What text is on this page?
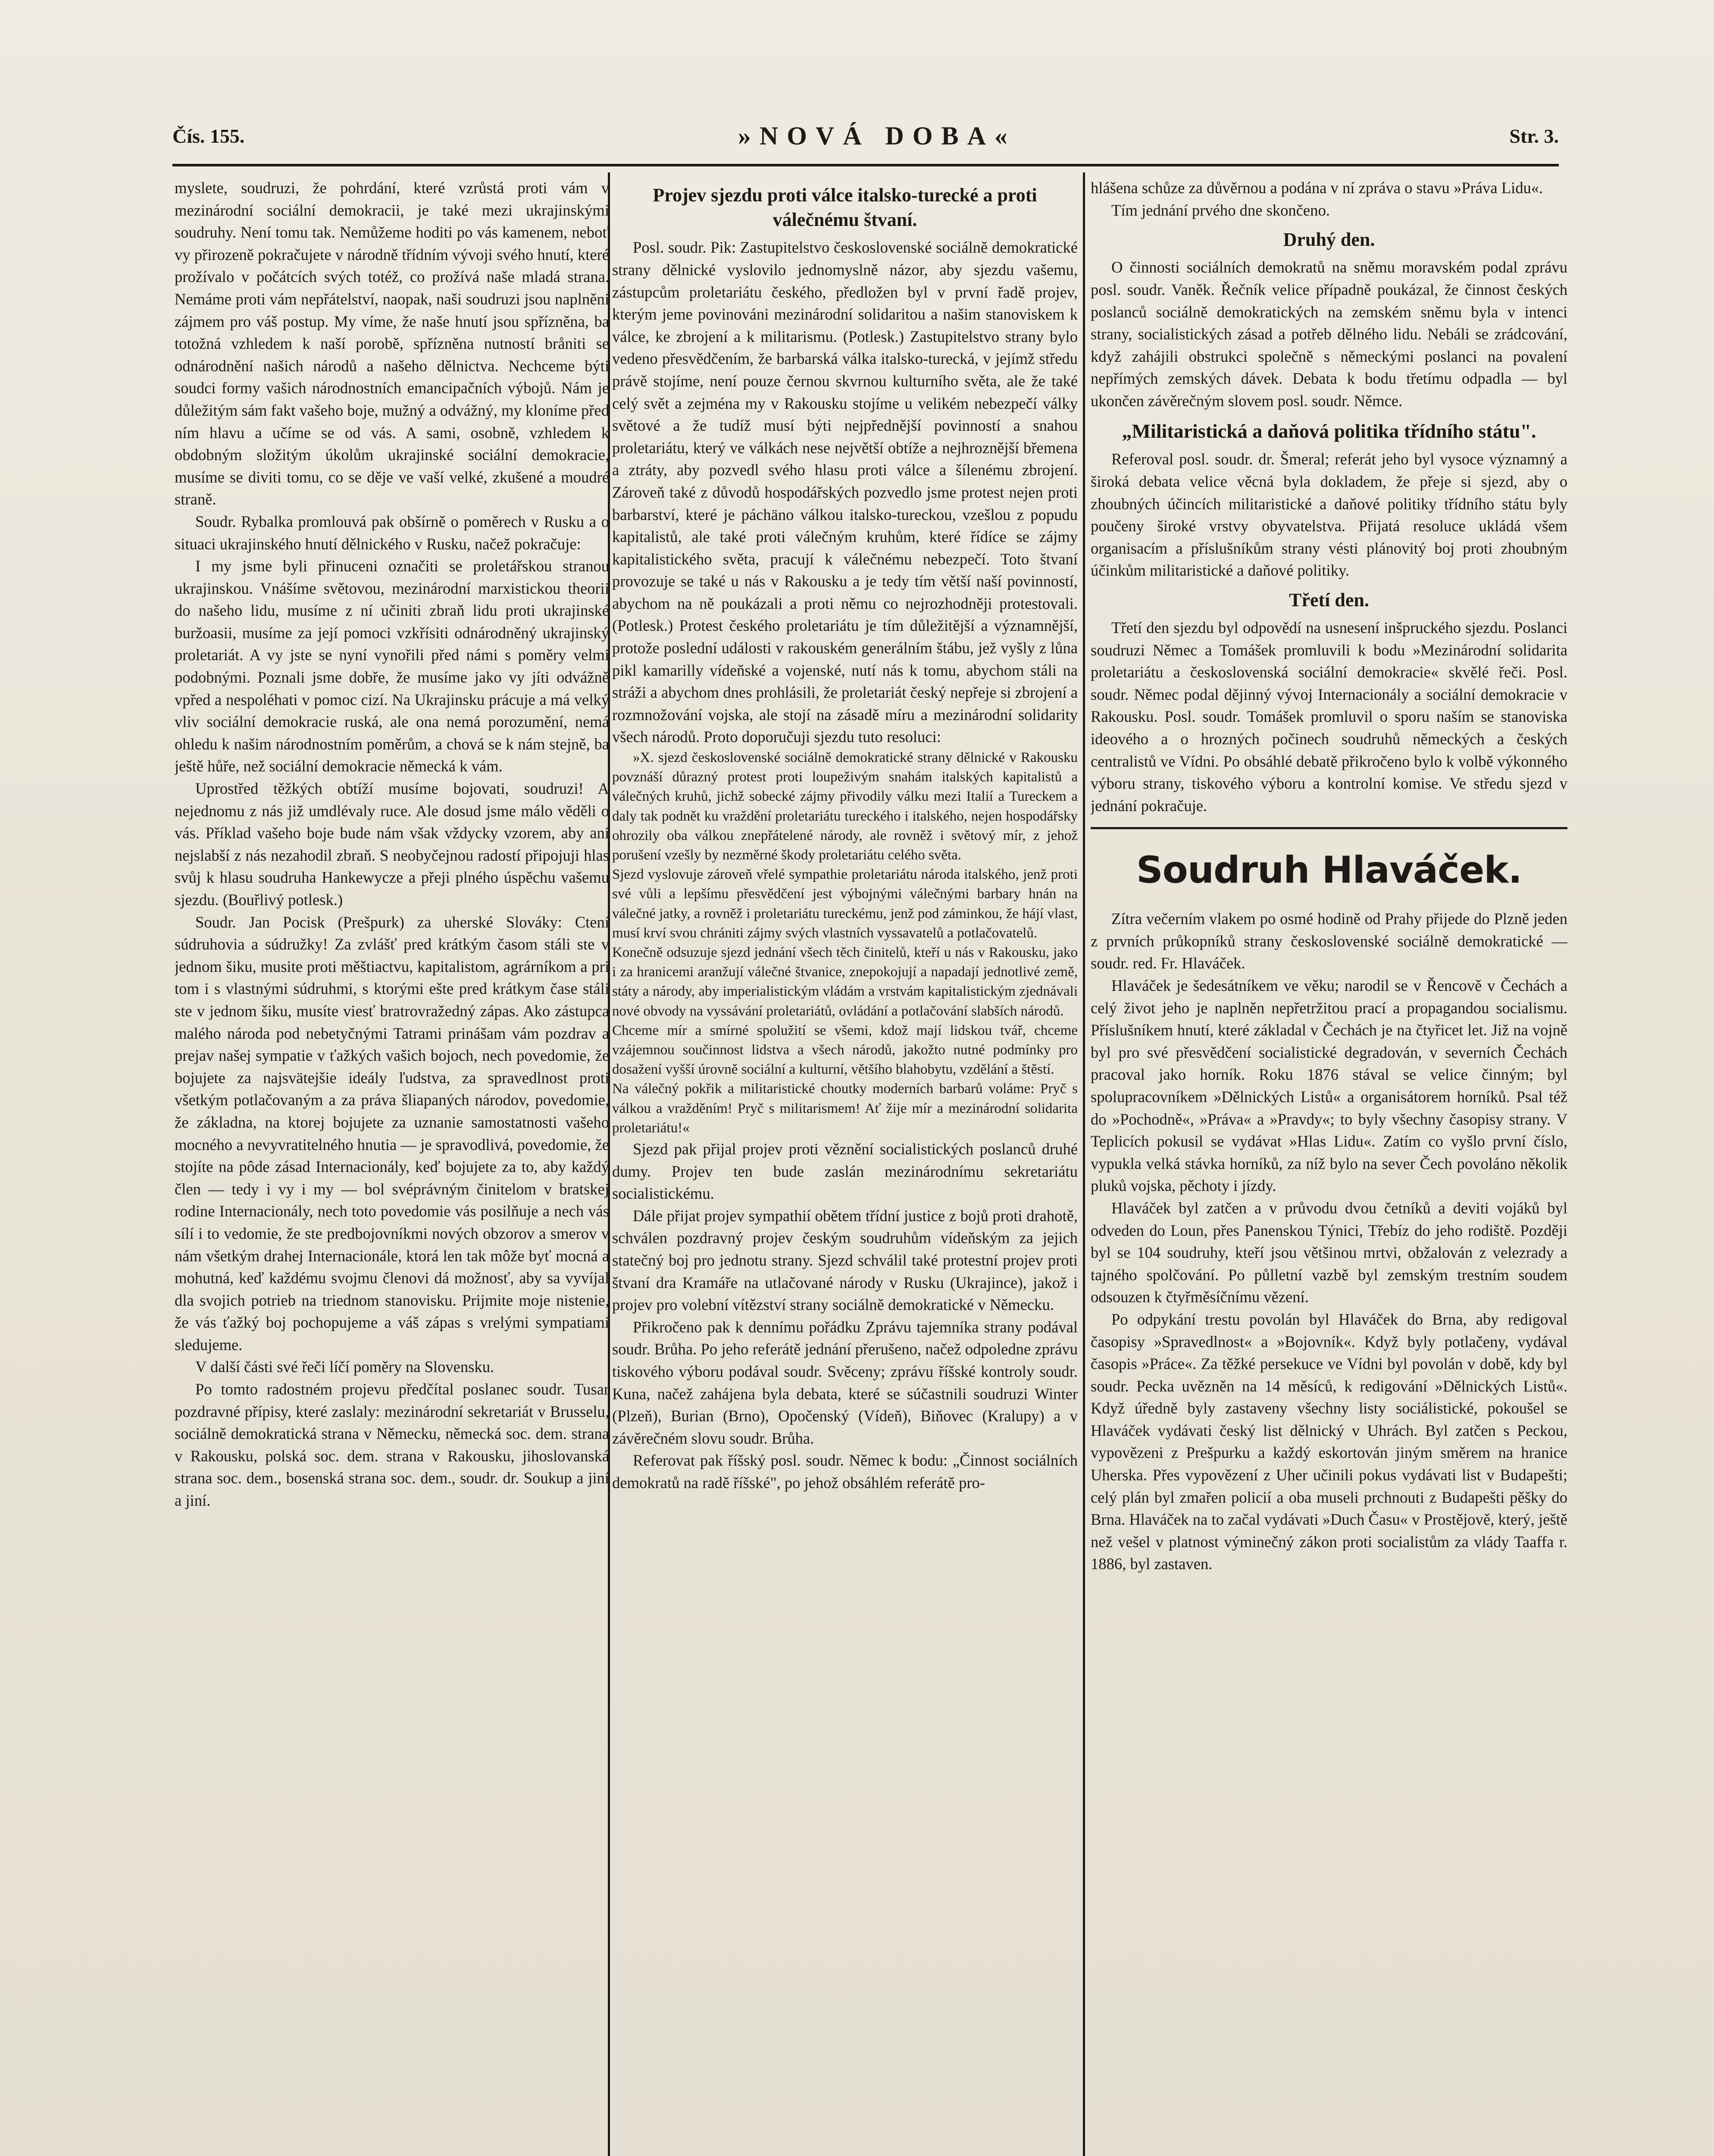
Čís. 155.	»NOVÁ DOBA«	Str. 3.

myslete, soudruzi, že pohrdání, které vzrůstá proti vám v mezinárodní sociální demokracii, je také mezi ukrajinskými soudruhy. Není tomu tak. Nemůžeme hoditi po vás kamenem, neboť vy přirozeně pokračujete v národně třídním vývoji svého hnutí, které prožívalo v počátcích svých totéž, co prožívá naše mladá strana. Nemáme proti vám nepřátelství, naopak, naši soudruzi jsou naplněni zájmem pro váš postup. My víme, že naše hnutí jsou spřízněna, ba totožná vzhledem k naší porobě, spřízněna nutností bråniti se odnárodnění našich národů a našeho dělnictva. Nechceme býti soudci formy vašich národnostních emancipačních výbojů. Nám je důležitým sám fakt vašeho boje, mužný a odvážný, my kloníme před ním hlavu a učíme se od vás. A sami, osobně, vzhledem k obdobným složitým úkolům ukrajinské sociální demokracie, musíme se diviti tomu, co se děje ve vaší velké, zkušené a moudré straně.

Soudr. Rybalka promlouvá pak obšírně o poměrech v Rusku a o situaci ukrajinského hnutí dělnického v Rusku, načež pokračuje:

I my jsme byli přinuceni označiti se proletářskou stranou ukrajinskou. Vnášíme světovou, mezinárodní marxistickou theorii do našeho lidu, musíme z ní učiniti zbraň lidu proti ukrajinské buržoasii, musíme za její pomoci vzkřísiti odnárodněný ukrajinský proletariát. A vy jste se nyní vynořili před námi s poměry velmi podobnými. Poznali jsme dobře, že musíme jako vy jíti odvážně vpřed a nespoléhati v pomoc cizí. Na Ukrajinsku prácuje a má velký vliv sociální demokracie ruská, ale ona nemá porozumění, nemá ohledu k našim národnostním poměrům, a chová se k nám stejně, ba ještě hůře, než sociální demokracie německá k vám.

Uprostřed těžkých obtíží musíme bojovati, soudruzi! A nejednomu z nás již umdlévaly ruce. Ale dosud jsme málo věděli o vás. Příklad vašeho boje bude nám však vždycky vzorem, aby ani nejslabší z nás nezahodil zbraň. S neobyčejnou radostí připojuji hlas svůj k hlasu soudruha Hankewycze a přeji plného úspěchu vašemu sjezdu. (Bouřlivý potlesk.)

Soudr. Jan Pocisk (Prešpurk) za uherské Slováky: Ctení súdruhovia a súdružky! Za zvlášť pred krátkým časom stáli ste v jednom šiku, musite proti měštiactvu, kapitalistom, agrárníkom a pri tom i s vlastnými súdruhmi, s ktorými ešte pred krátkym čase stáli ste v jednom šiku, musíte viesť bratrovražedný zápas. Ako zástupca malého národa pod nebetyčnými Tatrami prinášam vám pozdrav a prejav našej sympatie v ťažkých vašich bojoch, nech povedomie, že bojujete za najsvätejšie ideály ľudstva, za spravedlnost proti všetkým potlačovaným a za práva šliapaných národov, povedomie, že základna, na ktorej bojujete za uznanie samostatnosti vašeho mocného a nevyvratitelného hnutia — je spravodlivá, povedomie, že stojíte na pôde zásad Internacionály, keď bojujete za to, aby každý člen — tedy i vy i my — bol svéprávným činitelom v bratskej rodine Internacionály, nech toto povedomie vás posilňuje a nech vás sílí i to vedomie, že ste predbojovníkmi nových obzorov a smerov v nám všetkým drahej Internacionále, ktorá len tak môže byť mocná a mohutná, keď každému svojmu členovi dá možnosť, aby sa vyvíjal dla svojich potrieb na triednom stanovisku. Prijmite moje nistenie, že vás ťažký boj pochopujeme a váš zápas s vrelými sympatiami sledujeme.

V další části své řeči líčí poměry na Slovensku.

Po tomto radostném projevu předčítal poslanec soudr. Tusar pozdravné přípisy, které zaslaly: mezinárodní sekretariát v Brusselu, sociálně demokratická strana v Německu, německá soc. dem. strana v Rakousku, polská soc. dem. strana v Rakousku, jihoslovanská strana soc. dem., bosenská strana soc. dem., soudr. dr. Soukup a jiní a jiní.

Projev sjezdu proti válce italsko-turecké a proti válečnému štvaní.

Posl. soudr. Pik: Zastupitelstvo československé sociálně demokratické strany dělnické vyslovilo jednomyslně názor, aby sjezdu vašemu, zástupcům proletariátu českého, předložen byl v první řadě projev, kterým jeme povinováni mezinárodní solidaritou a našim stanoviskem k válce, ke zbrojení a k militarismu. (Potlesk.) Zastupitelstvo strany bylo vedeno přesvědčením, že barbarská válka italsko-turecká, v jejímž středu právě stojíme, není pouze černou skvrnou kulturního světa, ale že také celý svět a zejména my v Rakousku stojíme u velikém nebezpečí války světové a že tudíž musí býti nejpřednější povinností a snahou proletariátu, který ve válkách nese největší obtíže a nejhroznější břemena a ztráty, aby pozvedl svého hlasu proti válce a šílenému zbrojení. Zároveň také z důvodů hospodářských pozvedlo jsme protest nejen proti barbarství, které je páchäno válkou italsko-tureckou, vzešlou z popudu kapitalistů, ale také proti válečným kruhům, které řídíce se zájmy kapitalistického světa, pracují k válečnému nebezpečí. Toto štvaní provozuje se také u nás v Rakousku a je tedy tím větší naší povinností, abychom na ně poukázali a proti němu co nejrozhodněji protestovali. (Potlesk.) Protest českého proletariátu je tím důležitější a významnější, protože poslední události v rakouském generálním štábu, jež vyšly z lůna pikl kamarilly vídeňské a vojenské, nutí nás k tomu, abychom stáli na stráži a abychom dnes prohlásili, že proletariát český nepřeje si zbrojení a rozmnožování vojska, ale stojí na zásadě míru a mezinárodní solidarity všech národů. Proto doporučuji sjezdu tuto resoluci:

»X. sjezd československé sociálně demokratické strany dělnické v Rakousku povznáší důrazný protest proti loupeživým snahám italských kapitalistů a válečných kruhů, jichž sobecké zájmy přivodily válku mezi Italií a Tureckem a daly tak podnět ku vraždění proletariátu tureckého i italského, nejen hospodářsky ohrozily oba válkou znepřátelené národy, ale rovněž i světový mír, z jehož porušení vzešly by nezměrné škody proletariátu celého světa.
Sjezd vyslovuje zároveň vřelé sympathie proletariátu národa italského, jenž proti své vůli a lepšímu přesvědčení jest výbojnými válečnými barbary hnán na válečné jatky, a rovněž i proletariátu tureckému, jenž pod záminkou, že hájí vlast, musí krví svou chrániti zájmy svých vlastních vyssavatelů a potlačovatelů.
Konečně odsuzuje sjezd jednání všech těch činitelů, kteří u nás v Rakousku, jako i za hranicemi aranžují válečné štvanice, znepokojují a napadají jednotlivé země, státy a národy, aby imperialistickým vládám a vrstvám kapitalistickým zjednávali nové obvody na vyssávání proletariátů, ovládání a potlačování slabších národů.
Chceme mír a smírné spolužití se všemi, kdož mají lidskou tvář, chceme vzájemnou součinnost lidstva a všech národů, jakožto nutné podmínky pro dosažení vyšší úrovně sociální a kulturní, většího blahobytu, vzdělání a štěstí.
Na válečný pokřik a militaristické choutky moderních barbarů voláme: Pryč s válkou a vražděním! Pryč s militarismem! Ať žije mír a mezinárodní solidarita proletariátu!«

Sjezd pak přijal projev proti věznění socialistických poslanců druhé dumy. Projev ten bude zaslán mezinárodnímu sekretariátu socialistickému.

Dále přijat projev sympathií obětem třídní justice z bojů proti drahotě, schválen pozdravný projev českým soudruhům vídeňským za jejich statečný boj pro jednotu strany. Sjezd schválil také protestní projev proti štvaní dra Kramáře na utlačované národy v Rusku (Ukrajince), jakož i projev pro volební vítězství strany sociálně demokratické v Německu.

Přikročeno pak k dennímu pořádku Zprávu tajemníka strany podával soudr. Brůha. Po jeho referátě jednání přerušeno, načež odpoledne zprávu tiskového výboru podával soudr. Svěceny; zprávu říšské kontroly soudr. Kuna, načež zahájena byla debata, které se súčastnili soudruzi Winter (Plzeň), Burian (Brno), Opočenský (Vídeň), Biňovec (Kralupy) a v závěrečném slovu soudr. Brůha.

Referovat pak říšský posl. soudr. Němec k bodu: „Činnost sociálních demokratů na radě říšské", po jehož obsáhlém referátě pro-

hlášena schůze za důvěrnou a podána v ní zpráva o stavu »Práva Lidu«.

Tím jednání prvého dne skončeno.

Druhý den.

O činnosti sociálních demokratů na sněmu moravském podal zprávu posl. soudr. Vaněk. Řečník velice případně poukázal, že činnost českých poslanců sociálně demokratických na zemském sněmu byla v intenci strany, socialistických zásad a potřeb dělného lidu. Nebáli se zrádcování, když zahájili obstrukci společně s německými poslanci na povalení nepřímých zemských dávek. Debata k bodu třetímu odpadla — byl ukončen závěrečným slovem posl. soudr. Němce.

„Militaristická a daňová politika třídního státu".

Referoval posl. soudr. dr. Šmeral; referát jeho byl vysoce významný a široká debata velice věcná byla dokladem, že přeje si sjezd, aby o zhoubných účincích militaristické a daňové politiky třídního státu byly poučeny široké vrstvy obyvatelstva. Přijatá resoluce ukládá všem organisacím a příslušníkům strany vésti plánovitý boj proti zhoubným účinkům militaristické a daňové politiky.

Třetí den.

Třetí den sjezdu byl odpovědí na usnesení inšpruckého sjezdu. Poslanci soudruzi Němec a Tomášek promluvili k bodu »Mezinárodní solidarita proletariátu a československá sociální demokracie« skvělé řeči. Posl. soudr. Němec podal dějinný vývoj Internacionály a sociální demokracie v Rakousku. Posl. soudr. Tomášek promluvil o sporu naším se stanoviska ideového a o hrozných počinech soudruhů německých a českých centralistů ve Vídni. Po obsáhlé debatě přikročeno bylo k volbě výkonného výboru strany, tiskového výboru a kontrolní komise. Ve středu sjezd v jednání pokračuje.

Soudruh Hlaváček.

Zítra večerním vlakem po osmé hodině od Prahy přijede do Plzně jeden z prvních průkopníků strany československé sociálně demokratické — soudr. red. Fr. Hlaváček.

Hlaváček je šedesátníkem ve věku; narodil se v Řencově v Čechách a celý život jeho je naplněn nepřetržitou prací a propagandou socialismu. Příslušníkem hnutí, které základal v Čechách je na čtyřicet let. Již na vojně byl pro své přesvědčení socialistické degradován, v severních Čechách pracoval jako horník. Roku 1876 stával se velice činným; byl spolupracovníkem »Dělnických Listů« a organisátorem horníků. Psal též do »Pochodně«, »Práva« a »Pravdy«; to byly všechny časopisy strany. V Teplicích pokusil se vydávat »Hlas Lidu«. Zatím co vyšlo první číslo, vypukla velká stávka horníků, za níž bylo na sever Čech povoláno několik pluků vojska, pěchoty i jízdy.

Hlaváček byl zatčen a v průvodu dvou četníků a deviti vojáků byl odveden do Loun, přes Panenskou Týnici, Třebíz do jeho rodiště. Později byl se 104 soudruhy, kteří jsou většinou mrtvi, obžalován z velezrady a tajného spolčování. Po půlletní vazbě byl zemským trestním soudem odsouzen k čtyřměsíčnímu vězení.

Po odpykání trestu povolán byl Hlaváček do Brna, aby redigoval časopisy »Spravedlnost« a »Bojovník«. Když byly potlačeny, vydával časopis »Práce«. Za těžké persekuce ve Vídni byl povolán v době, kdy byl soudr. Pecka uvězněn na 14 měsíců, k redigování »Dělnických Listů«. Když úředně byly zastaveny všechny listy sociálistické, pokoušel se Hlaváček vydávati český list dělnický v Uhrách. Byl zatčen s Peckou, vypovězeni z Prešpurku a každý eskortován jiným směrem na hranice Uherska. Přes vypovězení z Uher učinili pokus vydávati list v Budapešti; celý plán byl zmařen policií a oba museli prchnouti z Budapešti pěšky do Brna. Hlaváček na to začal vydávati »Duch Času« v Prostějově, který, ještě než vešel v platnost výminečný zákon proti socialistům za vlády Taaffa r. 1886, byl zastaven.
